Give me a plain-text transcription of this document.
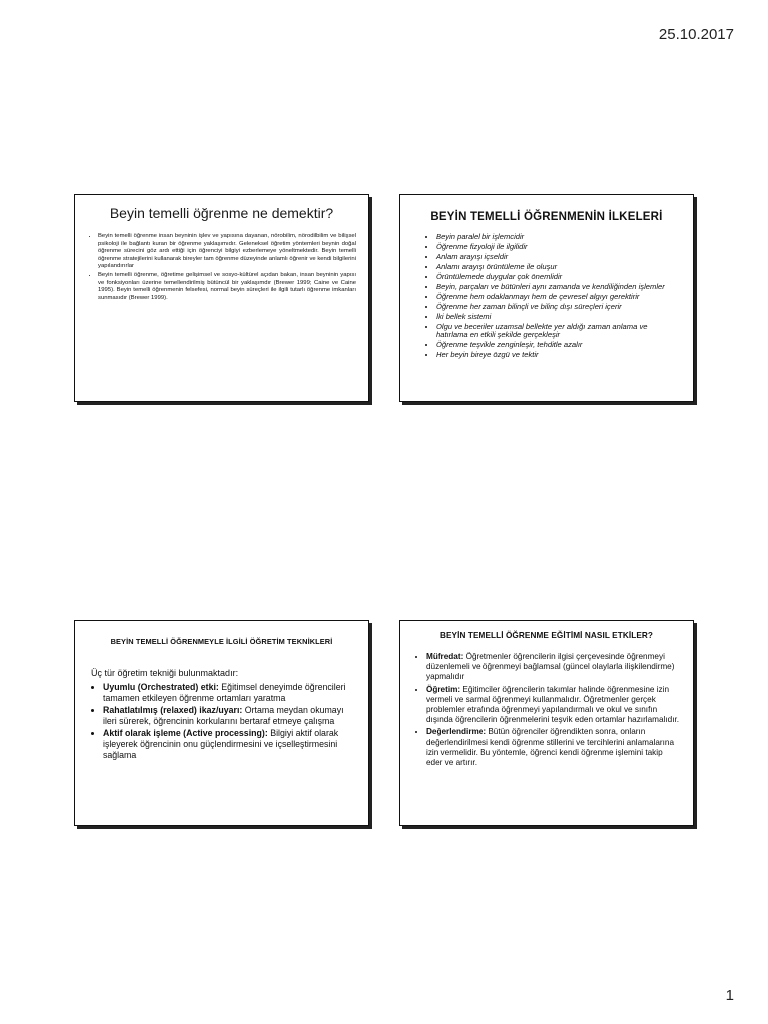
25.10.2017
Beyin temelli öğrenme ne demektir?
• Beyin temelli öğrenme insan beyninin işlev ve yapısına dayanan, nörobilim, nörodilbilim ve bilişsel psikoloji ile bağlantı kuran bir öğrenme yaklaşımıdır. Geleneksel öğretim yöntemleri beynin doğal öğrenme sürecini göz ardı ettiği için öğrenciyi bilgiyi ezberlemeye yöneltmektedir. Beyin temelli öğrenme stratejilerini kullanarak bireyler tam öğrenme düzeyinde anlamlı öğrenir ve kendi bilgilerini yapılandırırlar
• Beyin temelli öğrenme, öğretime gelişimsel ve sosyo-kültürel açıdan bakan, insan beyninin yapısı ve fonksiyonları üzerine temellendirilmiş bütüncül bir yaklaşımdır (Brewer 1999; Caine ve Caine 1995). Beyin temelli öğrenmenin felsefesi, normal beyin süreçleri ile ilgili tutarlı öğrenme imkanları sunmasıdır (Brewer 1999).
BEYİN TEMELLİ ÖĞRENMENİN İLKELERİ
• Beyin paralel bir işlemcidir
• Öğrenme fizyoloji ile ilgilidir
• Anlam arayışı içseldir
• Anlamı arayışı örüntüleme ile oluşur
• Örüntülemede duygular çok önemlidir
• Beyin, parçaları ve bütünleri aynı zamanda ve kendiliğinden işlemler
• Öğrenme hem odaklanmayı hem de çevresel algıyı gerektirir
• Öğrenme her zaman bilinçli ve bilinç dışı süreçleri içerir
• İki bellek sistemi
• Olgu ve beceriler uzamsal bellekte yer aldığı zaman anlama ve hatırlama en etkili şekilde gerçekleşir
• Öğrenme teşvikle zenginleşir, tehditle azalır
• Her beyin bireye özgü ve tektir
BEYİN TEMELLİ ÖĞRENMEYLE İLGİLİ ÖĞRETİM TEKNİKLERİ
Üç tür öğretim tekniği bulunmaktadır:
• Uyumlu (Orchestrated) etki: Eğitimsel deneyimde öğrencileri tamamen etkileyen öğrenme ortamları yaratma
• Rahatlatılmış (relaxed) ikaz/uyarı: Ortama meydan okumayı ileri sürerek, öğrencinin korkularını bertaraf etmeye çalışma
• Aktif olarak işleme (Active processing): Bilgiyi aktif olarak işleyerek öğrencinin onu güçlendirmesini ve içselleştirmesini sağlama
BEYİN TEMELLİ ÖĞRENME EĞİTİMİ NASIL ETKİLER?
• Müfredat: Öğretmenler öğrencilerin ilgisi çerçevesinde öğrenmeyi düzenlemeli ve öğrenmeyi bağlamsal (güncel olaylarla ilişkilendirme) yapmalıdır
• Öğretim: Eğitimciler öğrencilerin takımlar halinde öğrenmesine izin vermeli ve sarmal öğrenmeyi kullanmalıdır. Öğretmenler gerçek problemler etrafında öğrenmeyi yapılandırmalı ve okul ve sınıfın dışında öğrencilerin öğrenmelerini teşvik eden ortamlar hazırlamalıdır.
• Değerlendirme: Bütün öğrenciler öğrendikten sonra, onların değerlendirilmesi kendi öğrenme stillerini ve tercihlerini anlamalarına izin vermelidir. Bu yöntemle, öğrenci kendi öğrenme işlemini takip eder ve artırır.
1
